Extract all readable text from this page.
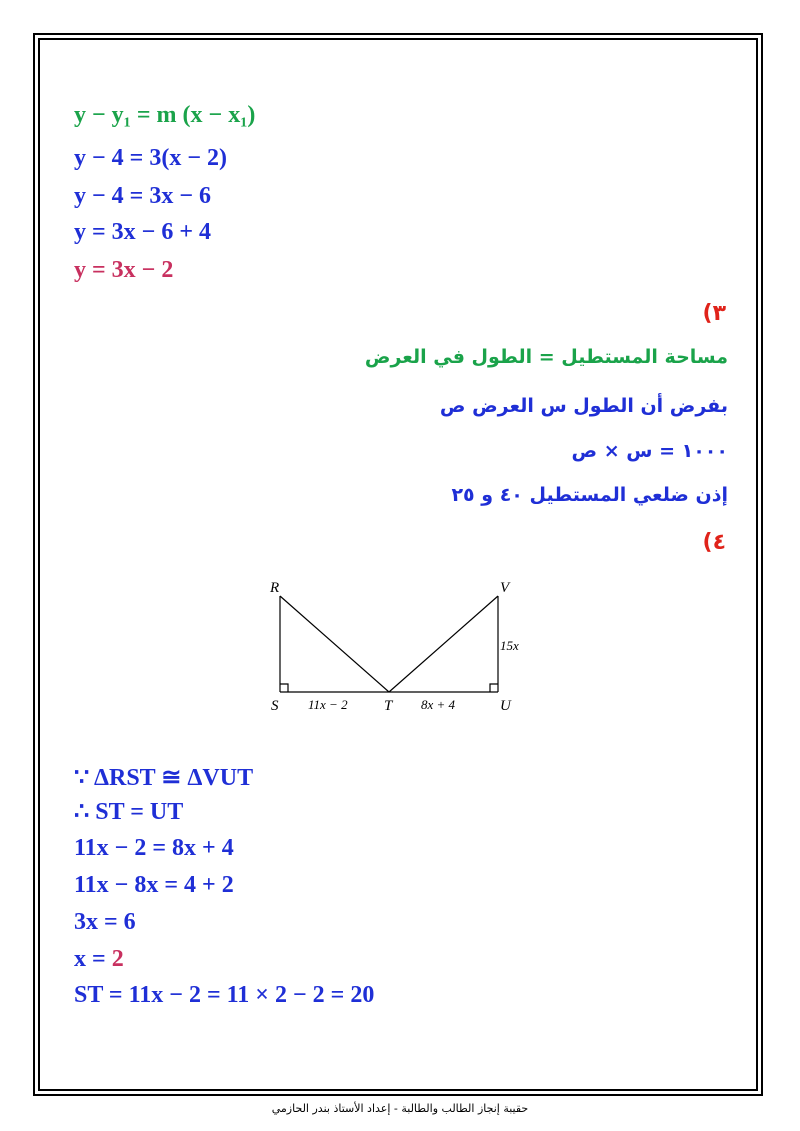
y − y₁ = m (x − x₁)
y − 4 = 3(x − 2)
y − 4 = 3x − 6
y = 3x − 6 + 4
y = 3x − 2
٣)
مساحة المستطيل = الطول في العرض
بفرض أن الطول س العرض ص
١٠٠٠ = س × ص
إذن ضلعي المستطيل ٤٠ و ٢٥
٤)
R	V
S	T	U
11x − 2	8x + 4
15x
∵ ΔRST ≅ ΔVUT
∴ ST = UT
11x − 2 = 8x + 4
11x − 8x = 4 + 2
3x = 6
x = 2
ST = 11x − 2 = 11 × 2 − 2 = 20
حقيبة إنجاز الطالب والطالبة - إعداد الأستاذ بندر الحازمي
